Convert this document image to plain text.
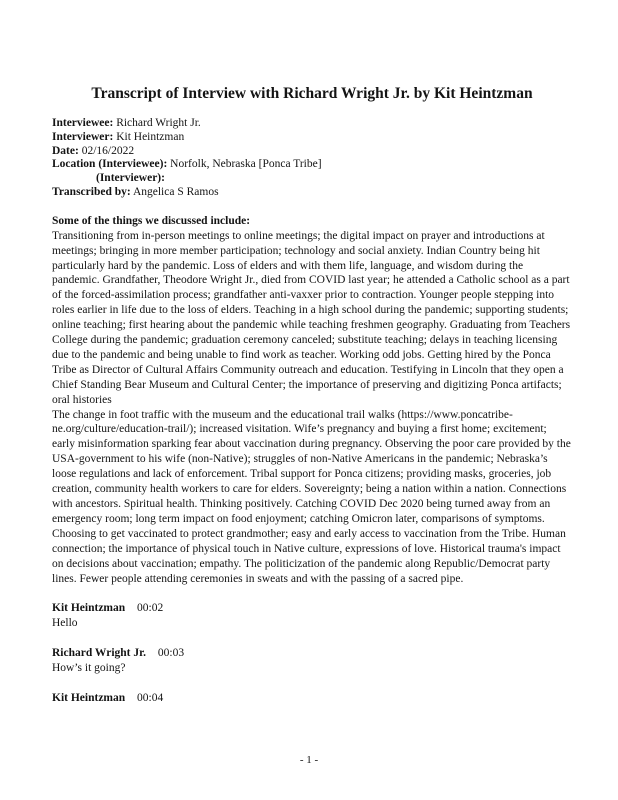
Transcript of Interview with Richard Wright Jr. by Kit Heintzman
Interviewee: Richard Wright Jr.
Interviewer: Kit Heintzman
Date: 02/16/2022
Location (Interviewee): Norfolk, Nebraska [Ponca Tribe]
(Interviewer):
Transcribed by: Angelica S Ramos
Some of the things we discussed include:

Transitioning from in-person meetings to online meetings; the digital impact on prayer and introductions at meetings; bringing in more member participation; technology and social anxiety. Indian Country being hit particularly hard by the pandemic. Loss of elders and with them life, language, and wisdom during the pandemic. Grandfather, Theodore Wright Jr., died from COVID last year; he attended a Catholic school as a part of the forced-assimilation process; grandfather anti-vaxxer prior to contraction. Younger people stepping into roles earlier in life due to the loss of elders. Teaching in a high school during the pandemic; supporting students; online teaching; first hearing about the pandemic while teaching freshmen geography. Graduating from Teachers College during the pandemic; graduation ceremony canceled; substitute teaching; delays in teaching licensing due to the pandemic and being unable to find work as teacher. Working odd jobs. Getting hired by the Ponca Tribe as Director of Cultural Affairs Community outreach and education. Testifying in Lincoln that they open a Chief Standing Bear Museum and Cultural Center; the importance of preserving and digitizing Ponca artifacts; oral histories

The change in foot traffic with the museum and the educational trail walks (https://www.poncatribe-ne.org/culture/education-trail/); increased visitation. Wife’s pregnancy and buying a first home; excitement; early misinformation sparking fear about vaccination during pregnancy. Observing the poor care provided by the USA-government to his wife (non-Native); struggles of non-Native Americans in the pandemic; Nebraska’s loose regulations and lack of enforcement. Tribal support for Ponca citizens; providing masks, groceries, job creation, community health workers to care for elders. Sovereignty; being a nation within a nation. Connections with ancestors. Spiritual health. Thinking positively. Catching COVID Dec 2020 being turned away from an emergency room; long term impact on food enjoyment; catching Omicron later, comparisons of symptoms. Choosing to get vaccinated to protect grandmother; easy and early access to vaccination from the Tribe. Human connection; the importance of physical touch in Native culture, expressions of love. Historical trauma's impact on decisions about vaccination; empathy. The politicization of the pandemic along Republic/Democrat party lines. Fewer people attending ceremonies in sweats and with the passing of a sacred pipe.

Kit Heintzman 00:02
Hello
Richard Wright Jr. 00:03
How’s it going?
Kit Heintzman 00:04
- 1 -
